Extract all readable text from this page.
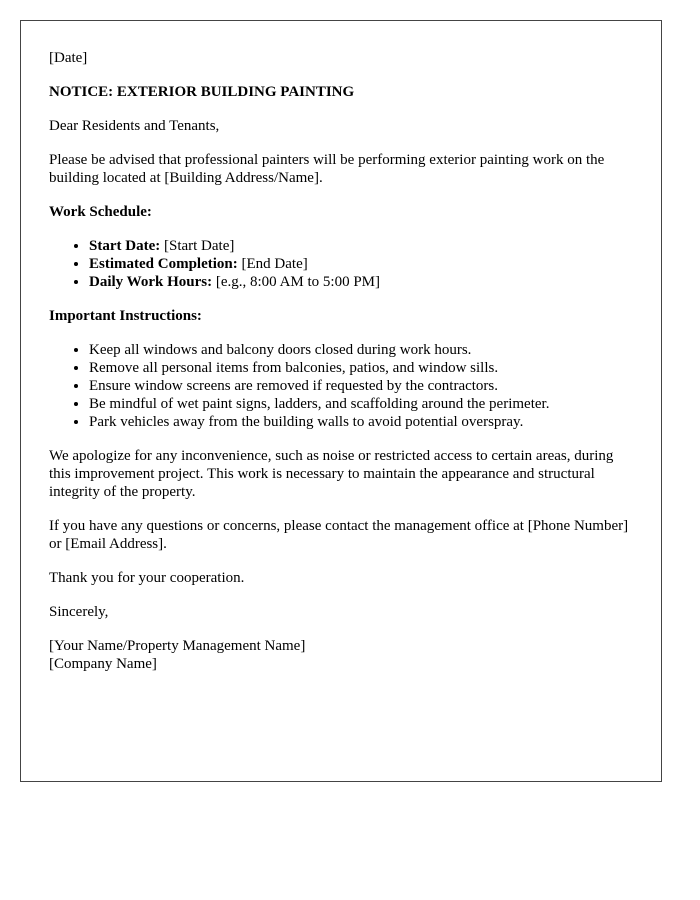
[Date]

NOTICE: EXTERIOR BUILDING PAINTING

Dear Residents and Tenants,

Please be advised that professional painters will be performing exterior painting work on the building located at [Building Address/Name].

Work Schedule:

• Start Date: [Start Date]
• Estimated Completion: [End Date]
• Daily Work Hours: [e.g., 8:00 AM to 5:00 PM]

Important Instructions:

• Keep all windows and balcony doors closed during work hours.
• Remove all personal items from balconies, patios, and window sills.
• Ensure window screens are removed if requested by the contractors.
• Be mindful of wet paint signs, ladders, and scaffolding around the perimeter.
• Park vehicles away from the building walls to avoid potential overspray.

We apologize for any inconvenience, such as noise or restricted access to certain areas, during this improvement project. This work is necessary to maintain the appearance and structural integrity of the property.

If you have any questions or concerns, please contact the management office at [Phone Number] or [Email Address].

Thank you for your cooperation.

Sincerely,

[Your Name/Property Management Name]
[Company Name]
